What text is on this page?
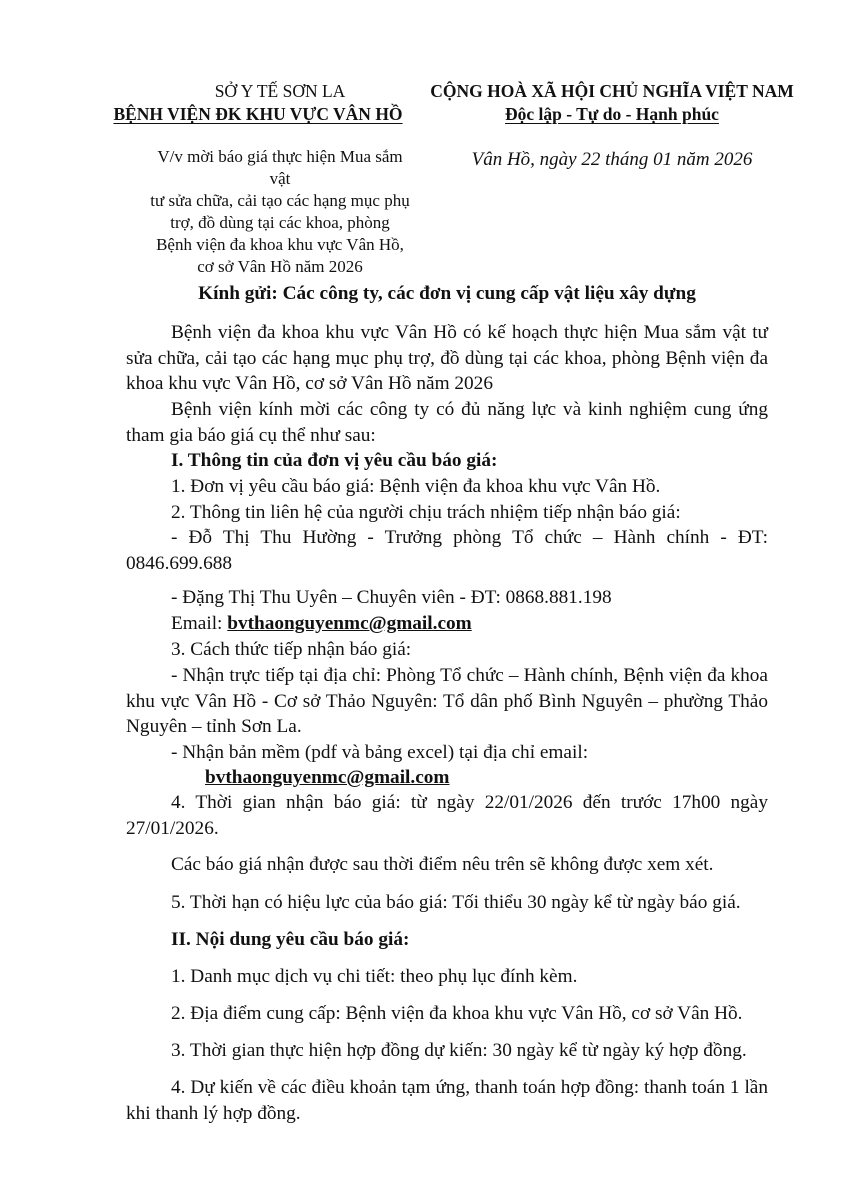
SỞ Y TẾ SƠN LA
BỆNH VIỆN ĐK KHU VỰC VÂN HỒ
V/v mời báo giá thực hiện Mua sắm vật
tư sửa chữa, cải tạo các hạng mục phụ
trợ, đồ dùng tại các khoa, phòng
Bệnh viện đa khoa khu vực Vân Hồ,
cơ sở Vân Hồ năm 2026
CỘNG HOÀ XÃ HỘI CHỦ NGHĨA VIỆT NAM
Độc lập - Tự do - Hạnh phúc
Vân Hồ, ngày 22 tháng 01 năm 2026
Kính gửi: Các công ty, các đơn vị cung cấp vật liệu xây dựng
Bệnh viện đa khoa khu vực Vân Hồ có kế hoạch thực hiện Mua sắm vật tư sửa chữa, cải tạo các hạng mục phụ trợ, đồ dùng tại các khoa, phòng Bệnh viện đa khoa khu vực Vân Hồ, cơ sở Vân Hồ năm 2026
Bệnh viện kính mời các công ty có đủ năng lực và kinh nghiệm cung ứng tham gia báo giá cụ thể như sau:
I. Thông tin của đơn vị yêu cầu báo giá:
1. Đơn vị yêu cầu báo giá: Bệnh viện đa khoa khu vực Vân Hồ.
2. Thông tin liên hệ của người chịu trách nhiệm tiếp nhận báo giá:
- Đỗ Thị Thu Hường - Trưởng phòng Tổ chức – Hành chính - ĐT: 0846.699.688
- Đặng Thị Thu Uyên – Chuyên viên - ĐT: 0868.881.198
Email: bvthaonguyenmc@gmail.com
3. Cách thức tiếp nhận báo giá:
- Nhận trực tiếp tại địa chỉ: Phòng Tổ chức – Hành chính, Bệnh viện đa khoa khu vực Vân Hồ - Cơ sở Thảo Nguyên: Tổ dân phố Bình Nguyên – phường Thảo Nguyên – tỉnh Sơn La.
- Nhận bản mềm (pdf và bảng excel) tại địa chỉ email:
bvthaonguyenmc@gmail.com
4. Thời gian nhận báo giá: từ ngày 22/01/2026 đến trước 17h00 ngày 27/01/2026.
Các báo giá nhận được sau thời điểm nêu trên sẽ không được xem xét.
5. Thời hạn có hiệu lực của báo giá: Tối thiểu 30 ngày kể từ ngày báo giá.
II. Nội dung yêu cầu báo giá:
1. Danh mục dịch vụ chi tiết: theo phụ lục đính kèm.
2. Địa điểm cung cấp: Bệnh viện đa khoa khu vực Vân Hồ, cơ sở Vân Hồ.
3. Thời gian thực hiện hợp đồng dự kiến: 30 ngày kể từ ngày ký hợp đồng.
4. Dự kiến về các điều khoản tạm ứng, thanh toán hợp đồng: thanh toán 1 lần khi thanh lý hợp đồng.
